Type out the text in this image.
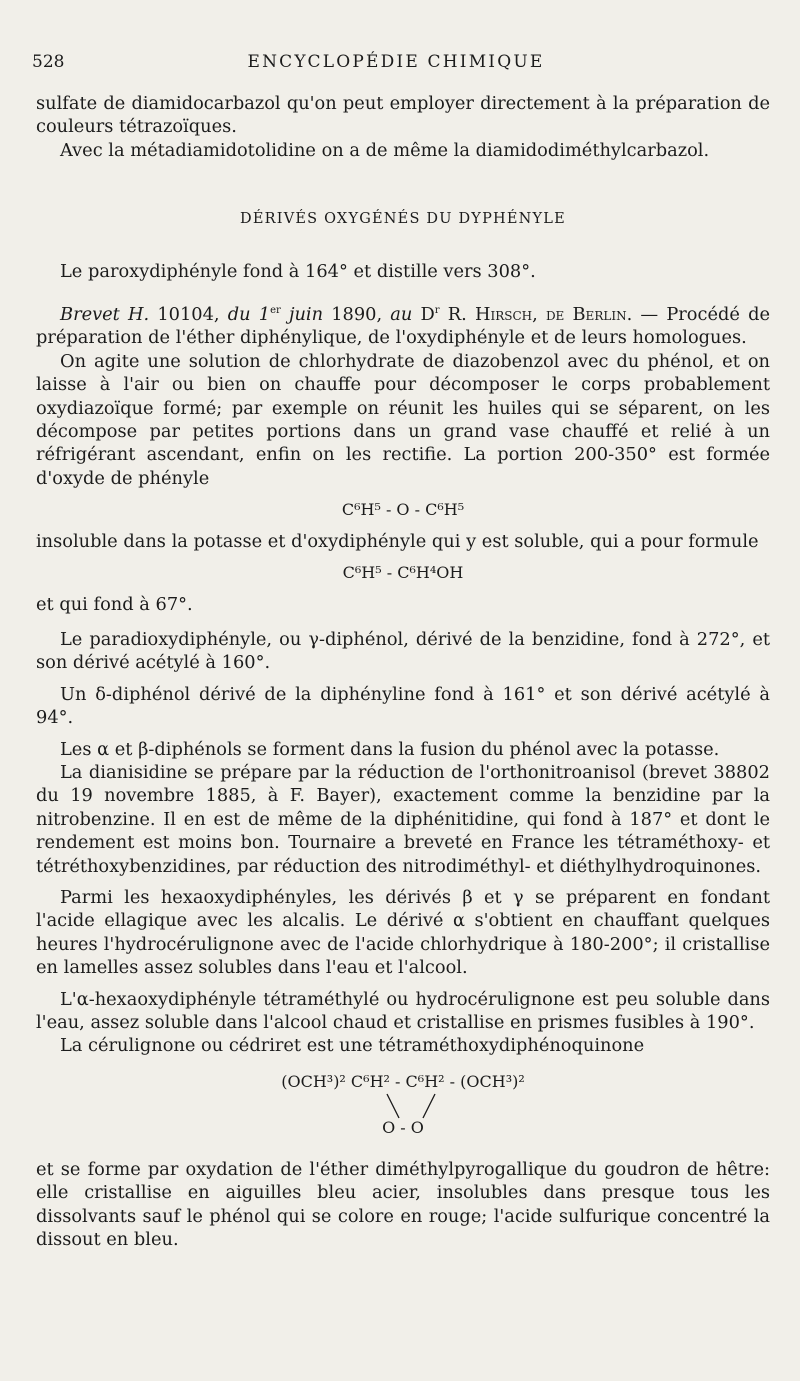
528	ENCYCLOPÉDIE CHIMIQUE

sulfate de diamidocarbazol qu'on peut employer directement à la préparation de couleurs tétrazoïques.

Avec la métadiamidotolidine on a de même la diamidodiméthylcarbazol.

DÉRIVÉS OXYGÉNÉS DU DYPHÉNYLE

Le paroxydiphényle fond à 164° et distille vers 308°.

Brevet H. 10104, du 1er juin 1890, au $D^r$ R. Hirsch, de Berlin. — Procédé de préparation de l'éther diphénylique, de l'oxydiphényle et de leurs homologues.

On agite une solution de chlorhydrate de diazobenzol avec du phénol, et on laisse à l'air ou bien on chauffe pour décomposer le corps probablement oxydiazoïque formé; par exemple on réunit les huiles qui se séparent, on les décompose par petites portions dans un grand vase chauffé et relié à un réfrigérant ascendant, enfin on les rectifie. La portion 200-350° est formée d'oxyde de phényle

C⁶H⁵ - O - C⁶H⁵

insoluble dans la potasse et d'oxydiphényle qui y est soluble, qui a pour formule

C⁶H⁵ - C⁶H⁴OH

et qui fond à 67°.

Le paradioxydiphényle, ou γ-diphénol, dérivé de la benzidine, fond à 272°, et son dérivé acétylé à 160°.

Un δ-diphénol dérivé de la diphényline fond à 161° et son dérivé acétylé à 94°.

Les α et β-diphénols se forment dans la fusion du phénol avec la potasse.

La dianisidine se prépare par la réduction de l'orthonitroanisol (brevet 38802 du 19 novembre 1885, à F. Bayer), exactement comme la benzidine par la nitrobenzine. Il en est de même de la diphénitidine, qui fond à 187° et dont le rendement est moins bon. Tournaire a breveté en France les tétraméthoxy- et tétréthoxybenzidines, par réduction des nitrodiméthyl- et diéthylhydroquinones.

Parmi les hexaoxydiphényles, les dérivés β et γ se préparent en fondant l'acide ellagique avec les alcalis. Le dérivé α s'obtient en chauffant quelques heures l'hydrocérulignone avec de l'acide chlorhydrique à 180-200°; il cristallise en lamelles assez solubles dans l'eau et l'alcool.

L'α-hexaoxydiphényle tétraméthylé ou hydrocérulignone est peu soluble dans l'eau, assez soluble dans l'alcool chaud et cristallise en prismes fusibles à 190°.

La cérulignone ou cédriret est une tétraméthoxydiphénoquinone

(OCH³)² C⁶H² - C⁶H² - (OCH³)²
O - O

et se forme par oxydation de l'éther diméthylpyrogallique du goudron de hêtre: elle cristallise en aiguilles bleu acier, insolubles dans presque tous les dissolvants sauf le phénol qui se colore en rouge; l'acide sulfurique concentré la dissout en bleu.
